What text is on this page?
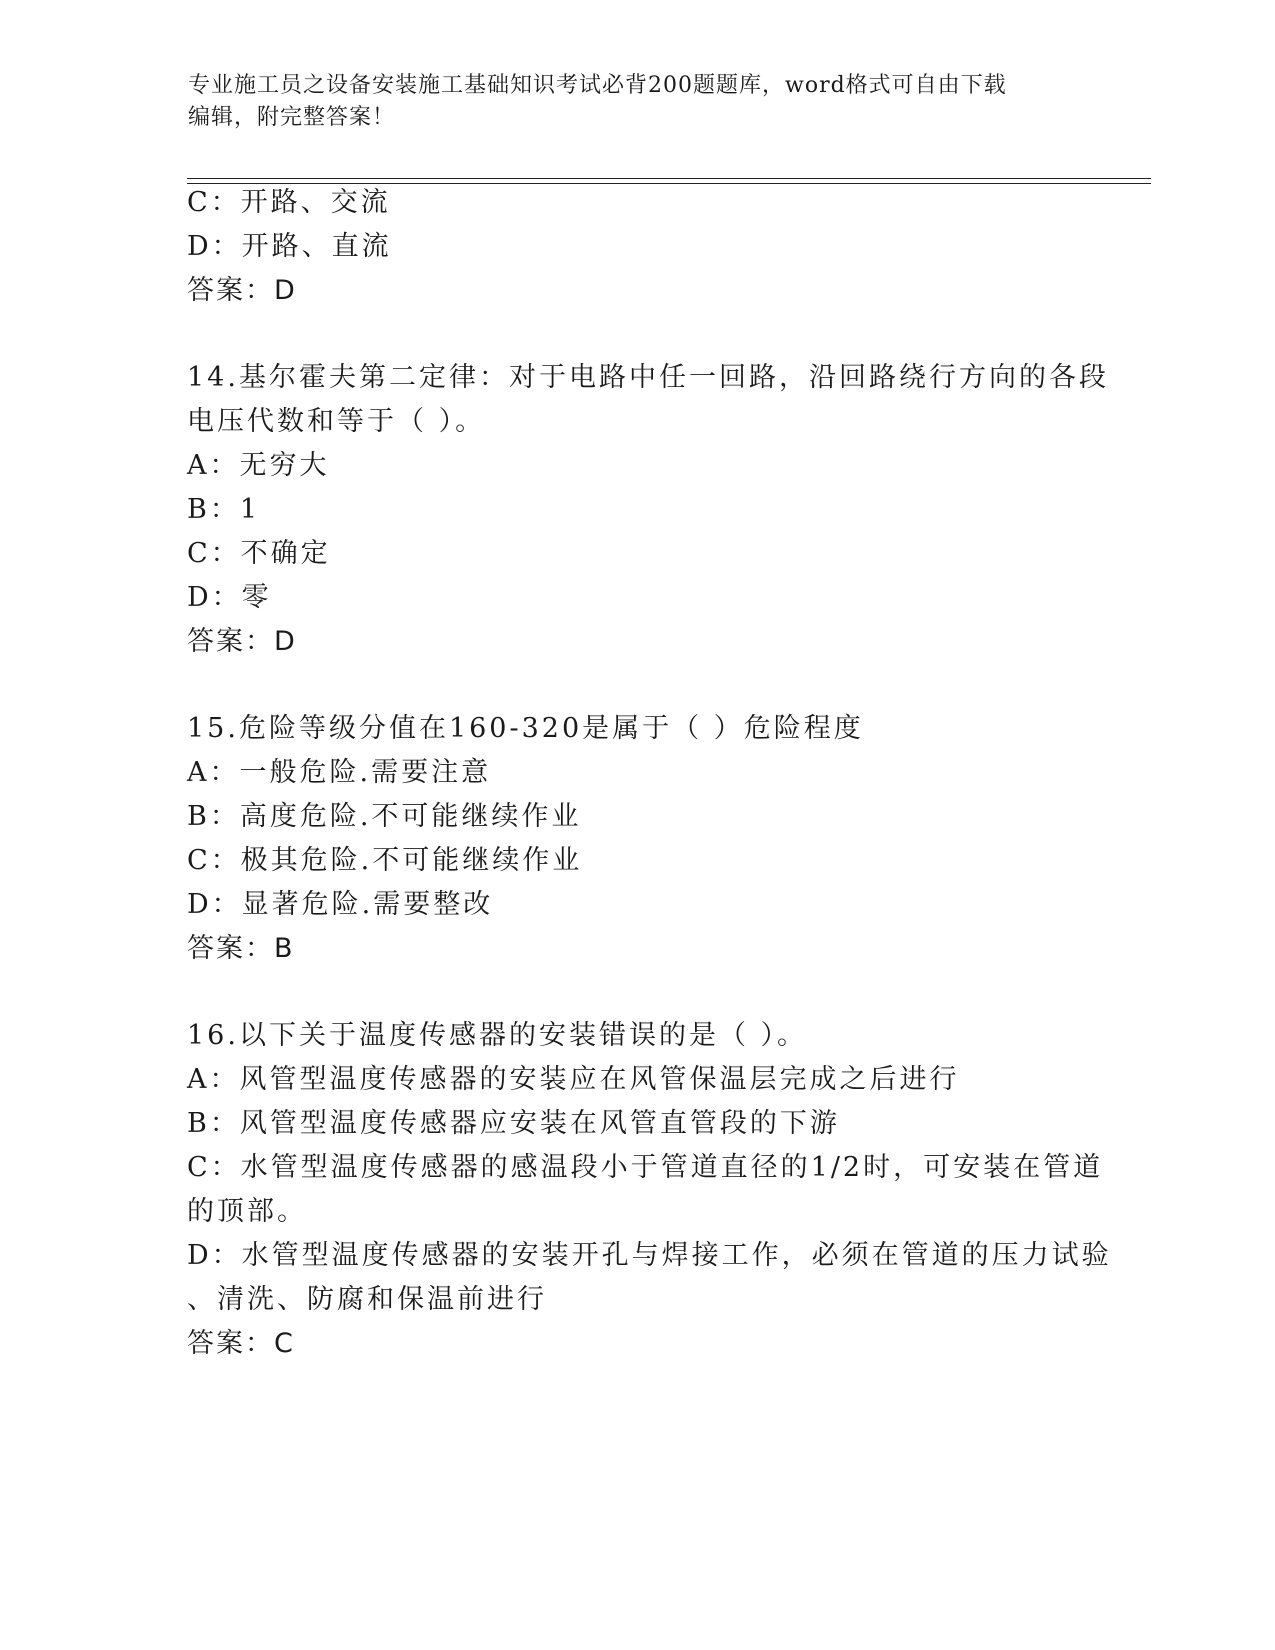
专业施工员之设备安装施工基础知识考试必背200题题库，word格式可自由下载
编辑，附完整答案！
C：开路、交流
D：开路、直流
答案：D
14.基尔霍夫第二定律：对于电路中任一回路，沿回路绕行方向的各段
电压代数和等于（ ）。
A：无穷大
B：1
C：不确定
D：零
答案：D
15.危险等级分值在160-320是属于（ ）危险程度
A：一般危险.需要注意
B：高度危险.不可能继续作业
C：极其危险.不可能继续作业
D：显著危险.需要整改
答案：B
16.以下关于温度传感器的安装错误的是（ ）。
A：风管型温度传感器的安装应在风管保温层完成之后进行
B：风管型温度传感器应安装在风管直管段的下游
C：水管型温度传感器的感温段小于管道直径的1/2时，可安装在管道
的顶部。
D：水管型温度传感器的安装开孔与焊接工作，必须在管道的压力试验
、清洗、防腐和保温前进行
答案：C
